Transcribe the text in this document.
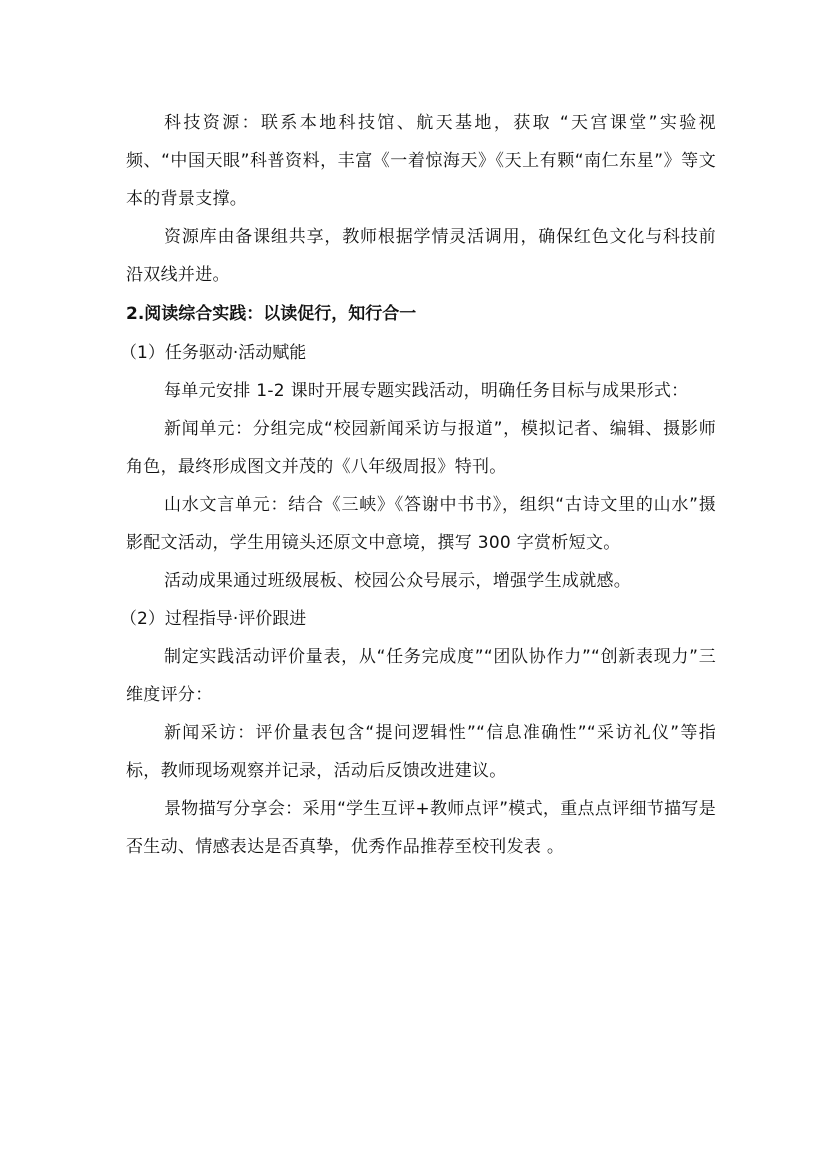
科技资源：联系本地科技馆、航天基地，获取 “天宫课堂”实验视频、“中国天眼”科普资料，丰富《一着惊海天》《天上有颗“南仁东星”》等文本的背景支撑。

资源库由备课组共享，教师根据学情灵活调用，确保红色文化与科技前沿双线并进。

2.阅读综合实践：以读促行，知行合一

（1）任务驱动·活动赋能

每单元安排 1-2 课时开展专题实践活动，明确任务目标与成果形式：

新闻单元：分组完成“校园新闻采访与报道”，模拟记者、编辑、摄影师角色，最终形成图文并茂的《八年级周报》特刊。

山水文言单元：结合《三峡》《答谢中书书》，组织“古诗文里的山水”摄影配文活动，学生用镜头还原文中意境，撰写 300 字赏析短文。

活动成果通过班级展板、校园公众号展示，增强学生成就感。

（2）过程指导·评价跟进

制定实践活动评价量表，从“任务完成度”“团队协作力”“创新表现力”三维度评分：

新闻采访：评价量表包含“提问逻辑性”“信息准确性”“采访礼仪”等指标，教师现场观察并记录，活动后反馈改进建议。

景物描写分享会：采用“学生互评+教师点评”模式，重点点评细节描写是否生动、情感表达是否真挚，优秀作品推荐至校刊发表 。
